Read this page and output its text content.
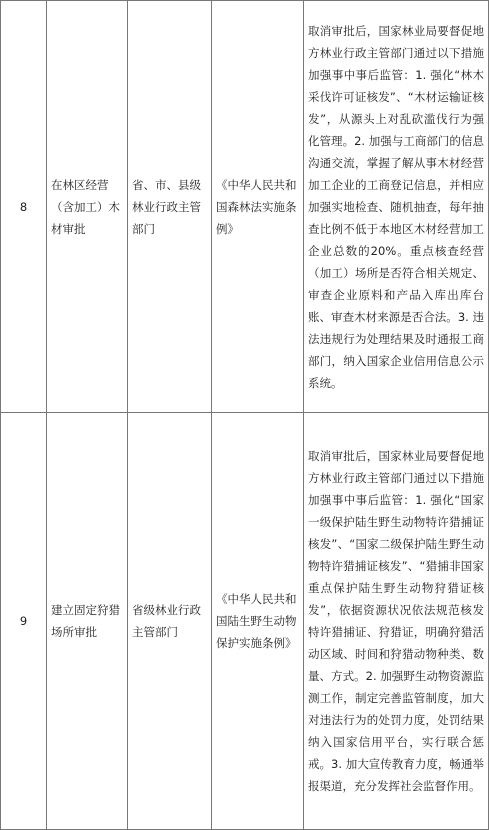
8	在林区经营（含加工）木材审批	省、市、县级林业行政主管部门	《中华人民共和国森林法实施条例》	取消审批后，国家林业局要督促地方林业行政主管部门通过以下措施加强事中事后监管：1. 强化“林木采伐许可证核发”、“木材运输证核发”，从源头上对乱砍滥伐行为强化管理。2. 加强与工商部门的信息沟通交流，掌握了解从事木材经营加工企业的工商登记信息，并相应加强实地检查、随机抽查，每年抽查比例不低于本地区木材经营加工企业总数的20%。重点核查经营（加工）场所是否符合相关规定、审查企业原料和产品入库出库台账、审查木材来源是否合法。3. 违法违规行为处理结果及时通报工商部门，纳入国家企业信用信息公示系统。
9	建立固定狩猎场所审批	省级林业行政主管部门	《中华人民共和国陆生野生动物保护实施条例》	取消审批后，国家林业局要督促地方林业行政主管部门通过以下措施加强事中事后监管：1. 强化“国家一级保护陆生野生动物特许猎捕证核发”、“国家二级保护陆生野生动物特许猎捕证核发”、“猎捕非国家重点保护陆生野生动物狩猎证核发”，依据资源状况依法规范核发特许猎捕证、狩猎证，明确狩猎活动区域、时间和狩猎动物种类、数量、方式。2. 加强野生动物资源监测工作，制定完善监管制度，加大对违法行为的处罚力度，处罚结果纳入国家信用平台，实行联合惩戒。3. 加大宣传教育力度，畅通举报渠道，充分发挥社会监督作用。
